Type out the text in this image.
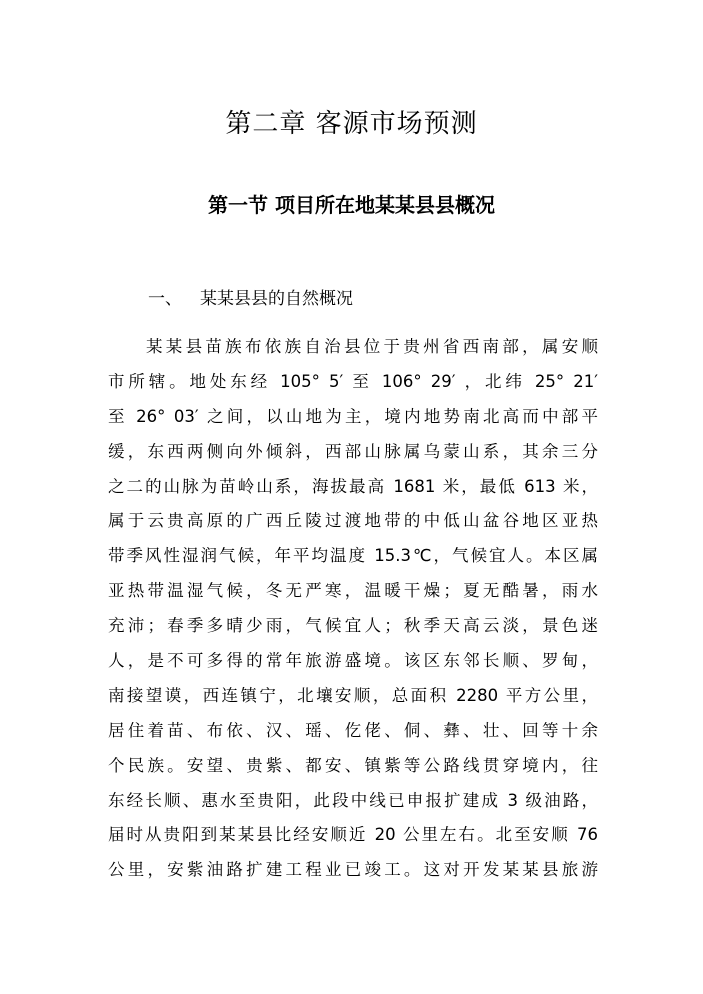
第二章 客源市场预测
第一节 项目所在地某某县县概况
一、 某某县县的自然概况
某某县苗族布依族自治县位于贵州省西南部，属安顺
市所辖。地处东经 105° 5′ 至 106° 29′ ，北纬 25° 21′
至 26° 03′ 之间，以山地为主，境内地势南北高而中部平
缓，东西两侧向外倾斜，西部山脉属乌蒙山系，其余三分
之二的山脉为苗岭山系，海拔最高 1681 米，最低 613 米，
属于云贵高原的广西丘陵过渡地带的中低山盆谷地区亚热
带季风性湿润气候，年平均温度 15.3℃，气候宜人。本区属
亚热带温湿气候，冬无严寒，温暖干燥；夏无酷暑，雨水
充沛；春季多晴少雨，气候宜人；秋季天高云淡，景色迷
人，是不可多得的常年旅游盛境。该区东邻长顺、罗甸，
南接望谟，西连镇宁，北壤安顺，总面积 2280 平方公里，
居住着苗、布依、汉、瑶、仡佬、侗、彝、壮、回等十余
个民族。安望、贵紫、都安、镇紫等公路线贯穿境内，往
东经长顺、惠水至贵阳，此段中线已申报扩建成 3 级油路，
届时从贵阳到某某县比经安顺近 20 公里左右。北至安顺 76
公里，安紫油路扩建工程业已竣工。这对开发某某县旅游
